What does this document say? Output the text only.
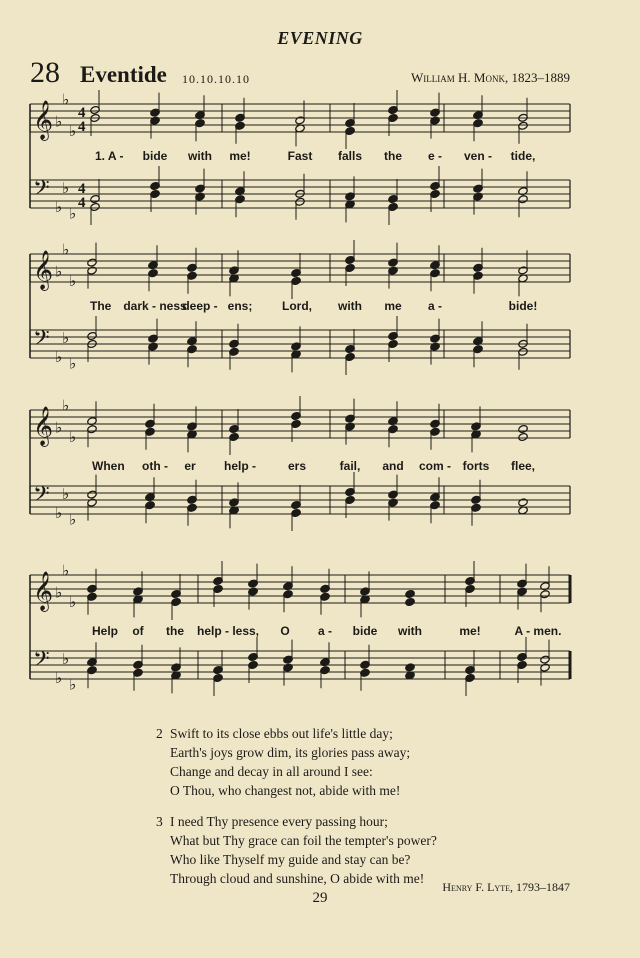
EVENING
28 Eventide 10.10.10.10	William H. Monk, 1823–1889
𝄞 ♭
♭
♭
4
4
𝄢
♭
♭
♭
4
4
1. A - bide with me!	Fast falls the e - ven - tide,
𝄞 ♭
♭
♭
𝄢
♭
♭
♭
The dark - ness
deep - ens; Lord, with me a -	bide!
𝄞 ♭
♭
♭
𝄢
♭
♭
♭
When oth - er help -	ers	fail, and com - forts flee,
𝄞 ♭
♭
♭
𝄢
♭
♭
♭
Help of the help - less, O a - bide with	me!	A - men.
2 Swift to its close ebbs out life's little day;
Earth's joys grow dim, its glories pass away;
Change and decay in all around I see:
O Thou, who changest not, abide with me!
3 I need Thy presence every passing hour;
What but Thy grace can foil the tempter's power?
Who like Thyself my guide and stay can be?
Through cloud and sunshine, O abide with me!
Henry F. Lyte, 1793–1847
29
